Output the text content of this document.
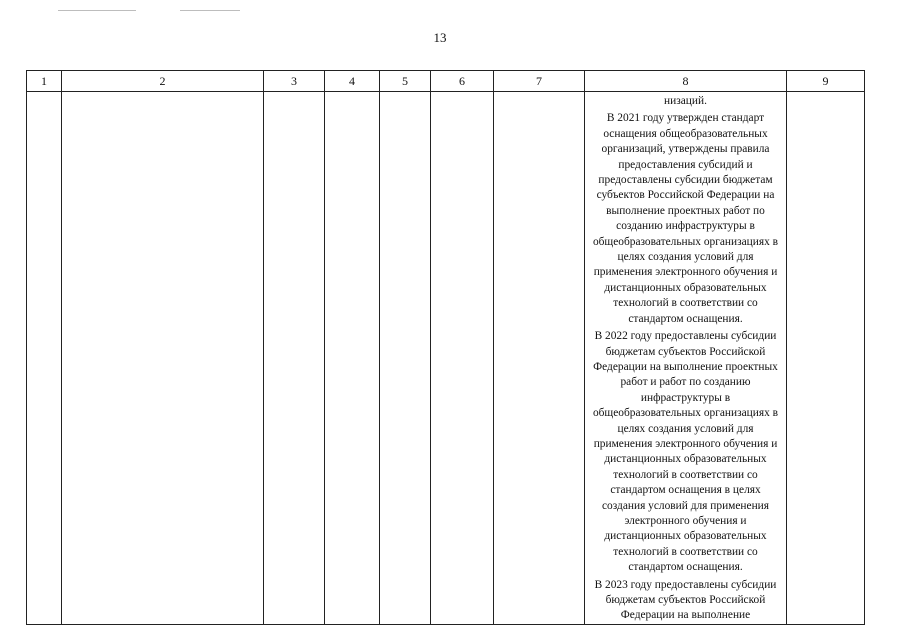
13
1	2	3	4	5	6	7	8	9

							низаций.
В 2021 году утвержден стандарт оснащения общеобразовательных организаций, утверждены правила предоставления субсидий и предоставлены субсидии бюджетам субъектов Российской Федерации на выполнение проектных работ по созданию инфраструктуры в общеобразовательных организациях в целях создания условий для применения электронного обучения и дистанционных образовательных технологий в соответствии со стандартом оснащения.
В 2022 году предоставлены субсидии бюджетам субъектов Российской Федерации на выполнение проектных работ и работ по созданию инфраструктуры в общеобразовательных организациях в целях создания условий для применения электронного обучения и дистанционных образовательных технологий в соответствии со стандартом оснащения в целях создания условий для применения электронного обучения и дистанционных образовательных технологий в соответствии со стандартом оснащения.
В 2023 году предоставлены субсидии бюджетам субъектов Российской Федерации на выполнение	
